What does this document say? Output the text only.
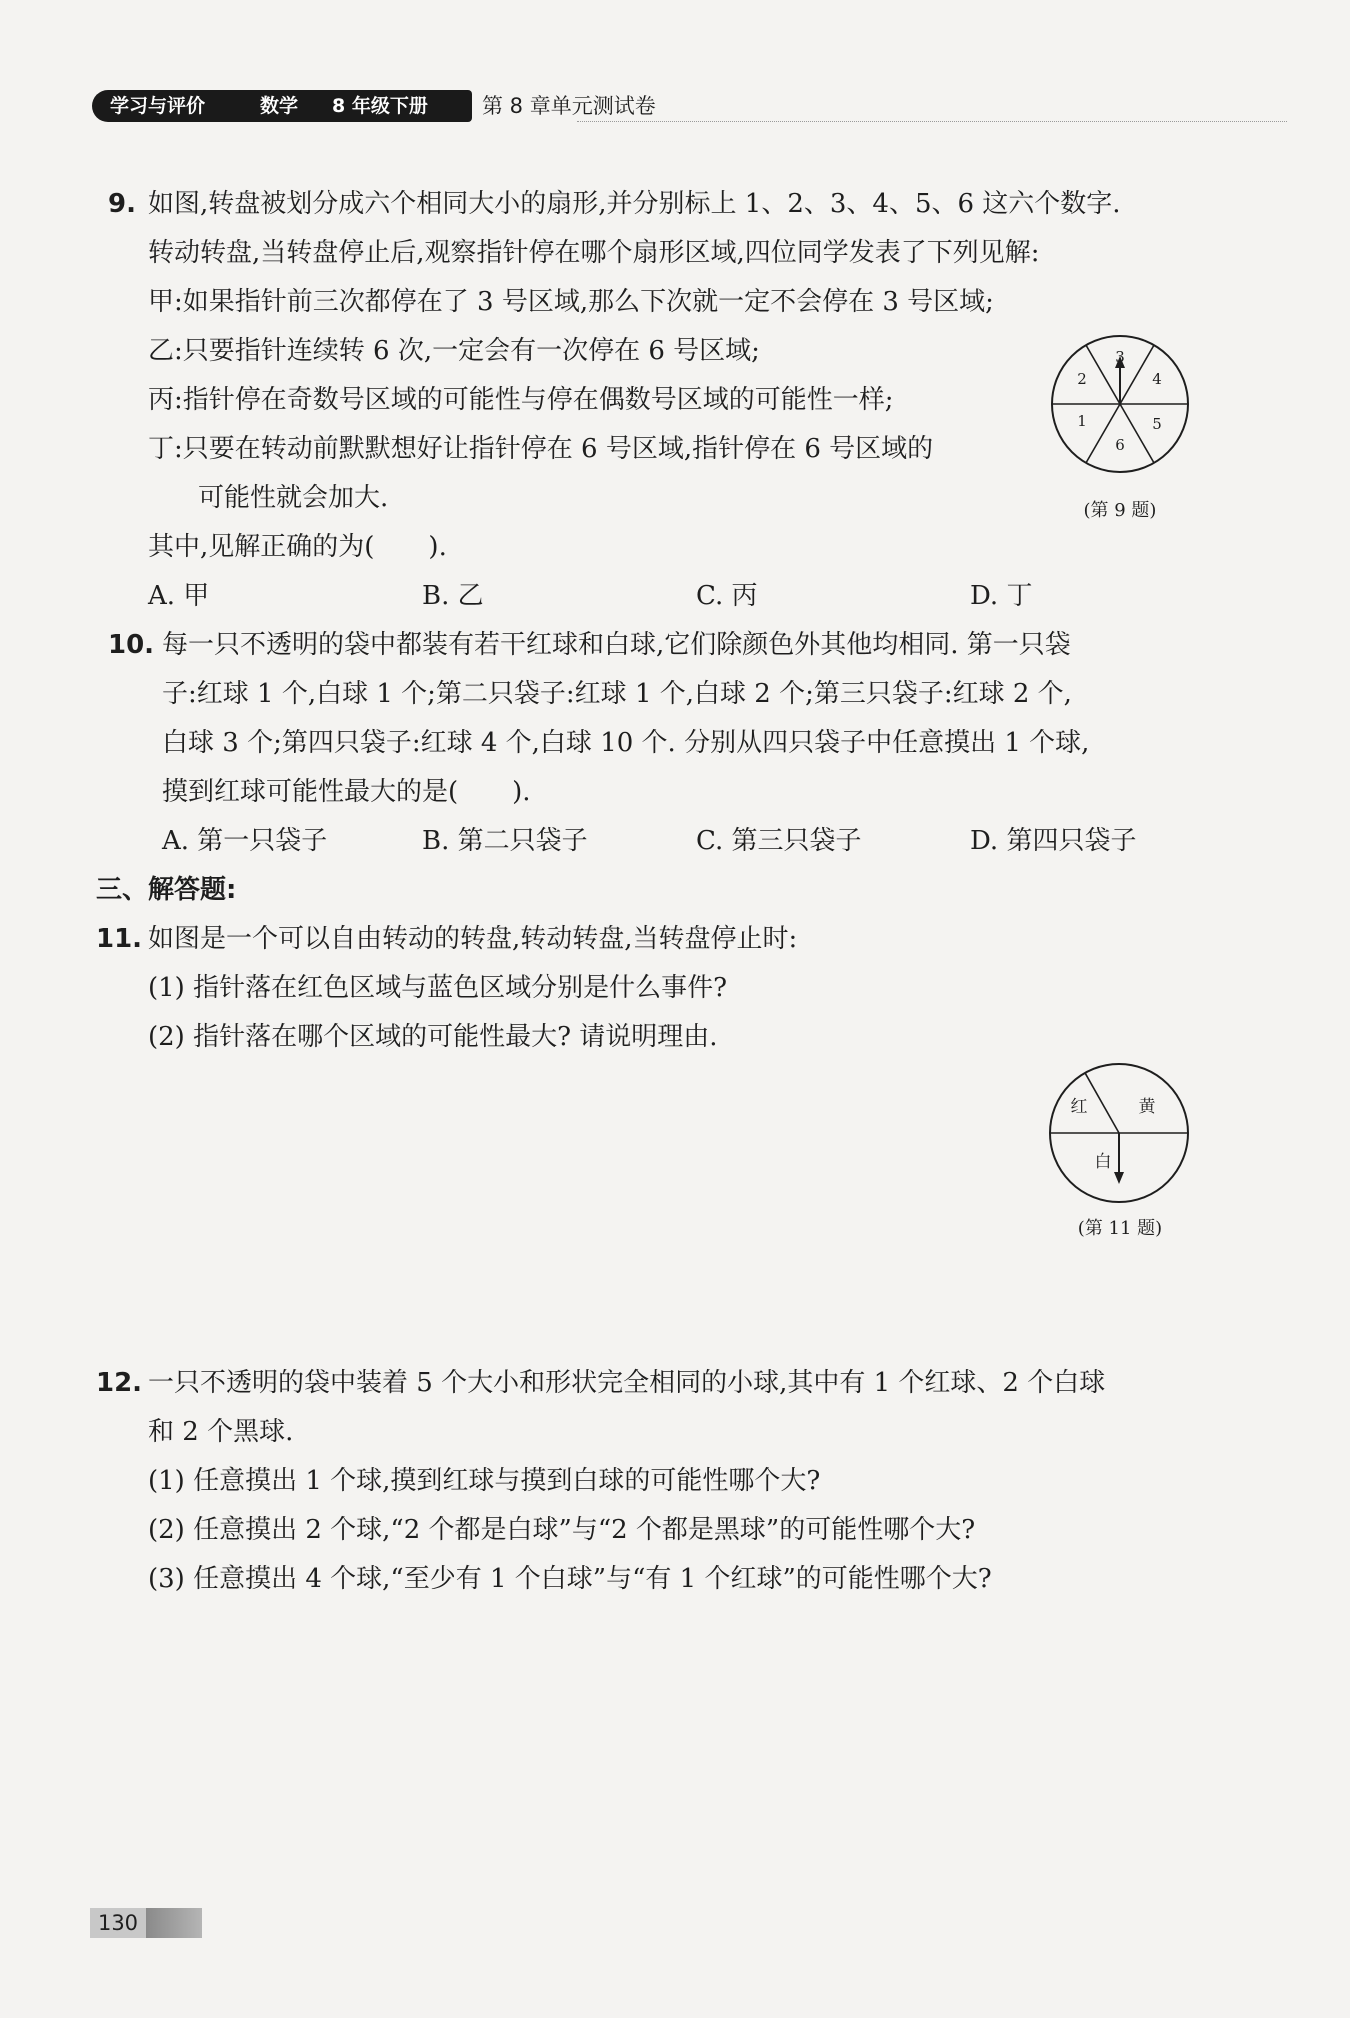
学习与评价	数学 8 年级下册	第 8 章单元测试卷
9. 如图,转盘被划分成六个相同大小的扇形,并分别标上 1、2、3、4、5、6 这六个数字.
转动转盘,当转盘停止后,观察指针停在哪个扇形区域,四位同学发表了下列见解:
甲:如果指针前三次都停在了 3 号区域,那么下次就一定不会停在 3 号区域;
乙:只要指针连续转 6 次,一定会有一次停在 6 号区域;
丙:指针停在奇数号区域的可能性与停在偶数号区域的可能性一样;
丁:只要在转动前默默想好让指针停在 6 号区域,指针停在 6 号区域的
可能性就会加大.
其中,见解正确的为( ).
A. 甲	B. 乙	C. 丙	D. 丁
3
4
5
6
1
2
(第 9 题)
10. 每一只不透明的袋中都装有若干红球和白球,它们除颜色外其他均相同. 第一只袋
子:红球 1 个,白球 1 个;第二只袋子:红球 1 个,白球 2 个;第三只袋子:红球 2 个,
白球 3 个;第四只袋子:红球 4 个,白球 10 个. 分别从四只袋子中任意摸出 1 个球,
摸到红球可能性最大的是( ).
A. 第一只袋子	B. 第二只袋子	C. 第三只袋子	D. 第四只袋子
三、解答题:
11. 如图是一个可以自由转动的转盘,转动转盘,当转盘停止时:
(1) 指针落在红色区域与蓝色区域分别是什么事件?
(2) 指针落在哪个区域的可能性最大? 请说明理由.
红	黄
白
(第 11 题)
12. 一只不透明的袋中装着 5 个大小和形状完全相同的小球,其中有 1 个红球、2 个白球
和 2 个黑球.
(1) 任意摸出 1 个球,摸到红球与摸到白球的可能性哪个大?
(2) 任意摸出 2 个球,“2 个都是白球”与“2 个都是黑球”的可能性哪个大?
(3) 任意摸出 4 个球,“至少有 1 个白球”与“有 1 个红球”的可能性哪个大?
130
